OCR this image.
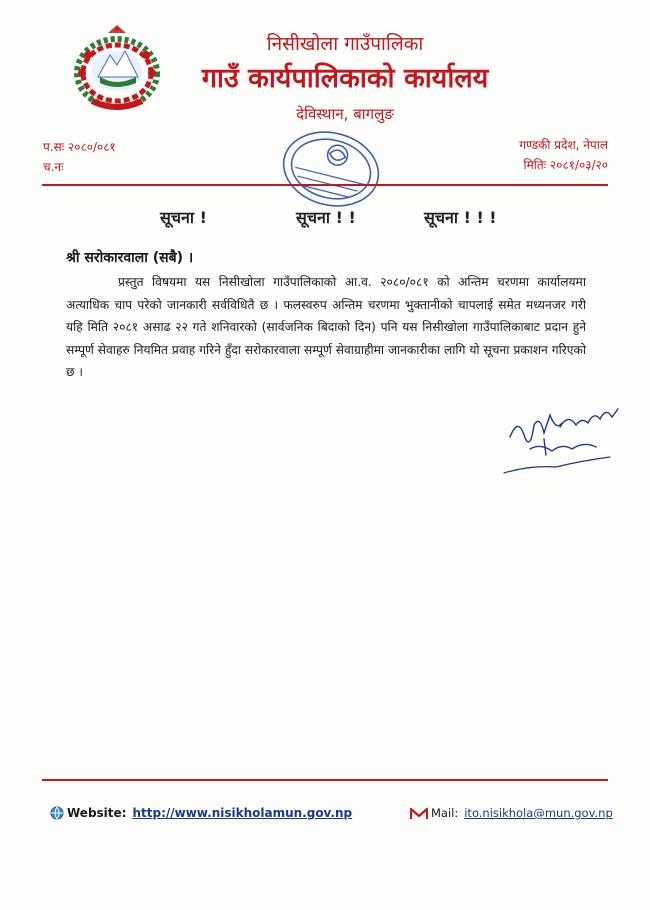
निसीखोला गाउँपालिका
गाउँ कार्यपालिकाको कार्यालय
देविस्थान, बागलुङ
प.सः २०८०/०८१
च.नः
गण्डकी प्रदेश, नेपाल
मितिः २०८१/०३/२०
सूचना !	सूचना ! !	सूचना ! ! !
श्री सरोकारवाला (सबै) ।
प्रस्तुत विषयमा यस निसीखोला गाउँपालिकाको आ.व. २०८०/०८१ को अन्तिम चरणमा कार्यालयमा अत्याधिक चाप परेको जानकारी सर्वविधितै छ । फलस्वरुप अन्तिम चरणमा भुक्तानीको चापलाई समेत मध्यनजर गरी यहि मिति २०८१ असाढ २२ गते शनिवारको (सार्वजनिक बिदाको दिन) पनि यस निसीखोला गाउँपालिकाबाट प्रदान हुने सम्पूर्ण सेवाहरु नियमित प्रवाह गरिने हुँदा सरोकारवाला सम्पूर्ण सेवाग्राहीमा जानकारीका लागि यो सूचना प्रकाशन गरिएको छ ।
Website: http://www.nisikholamun.gov.np	Mail: ito.nisikhola@mun.gov.np
